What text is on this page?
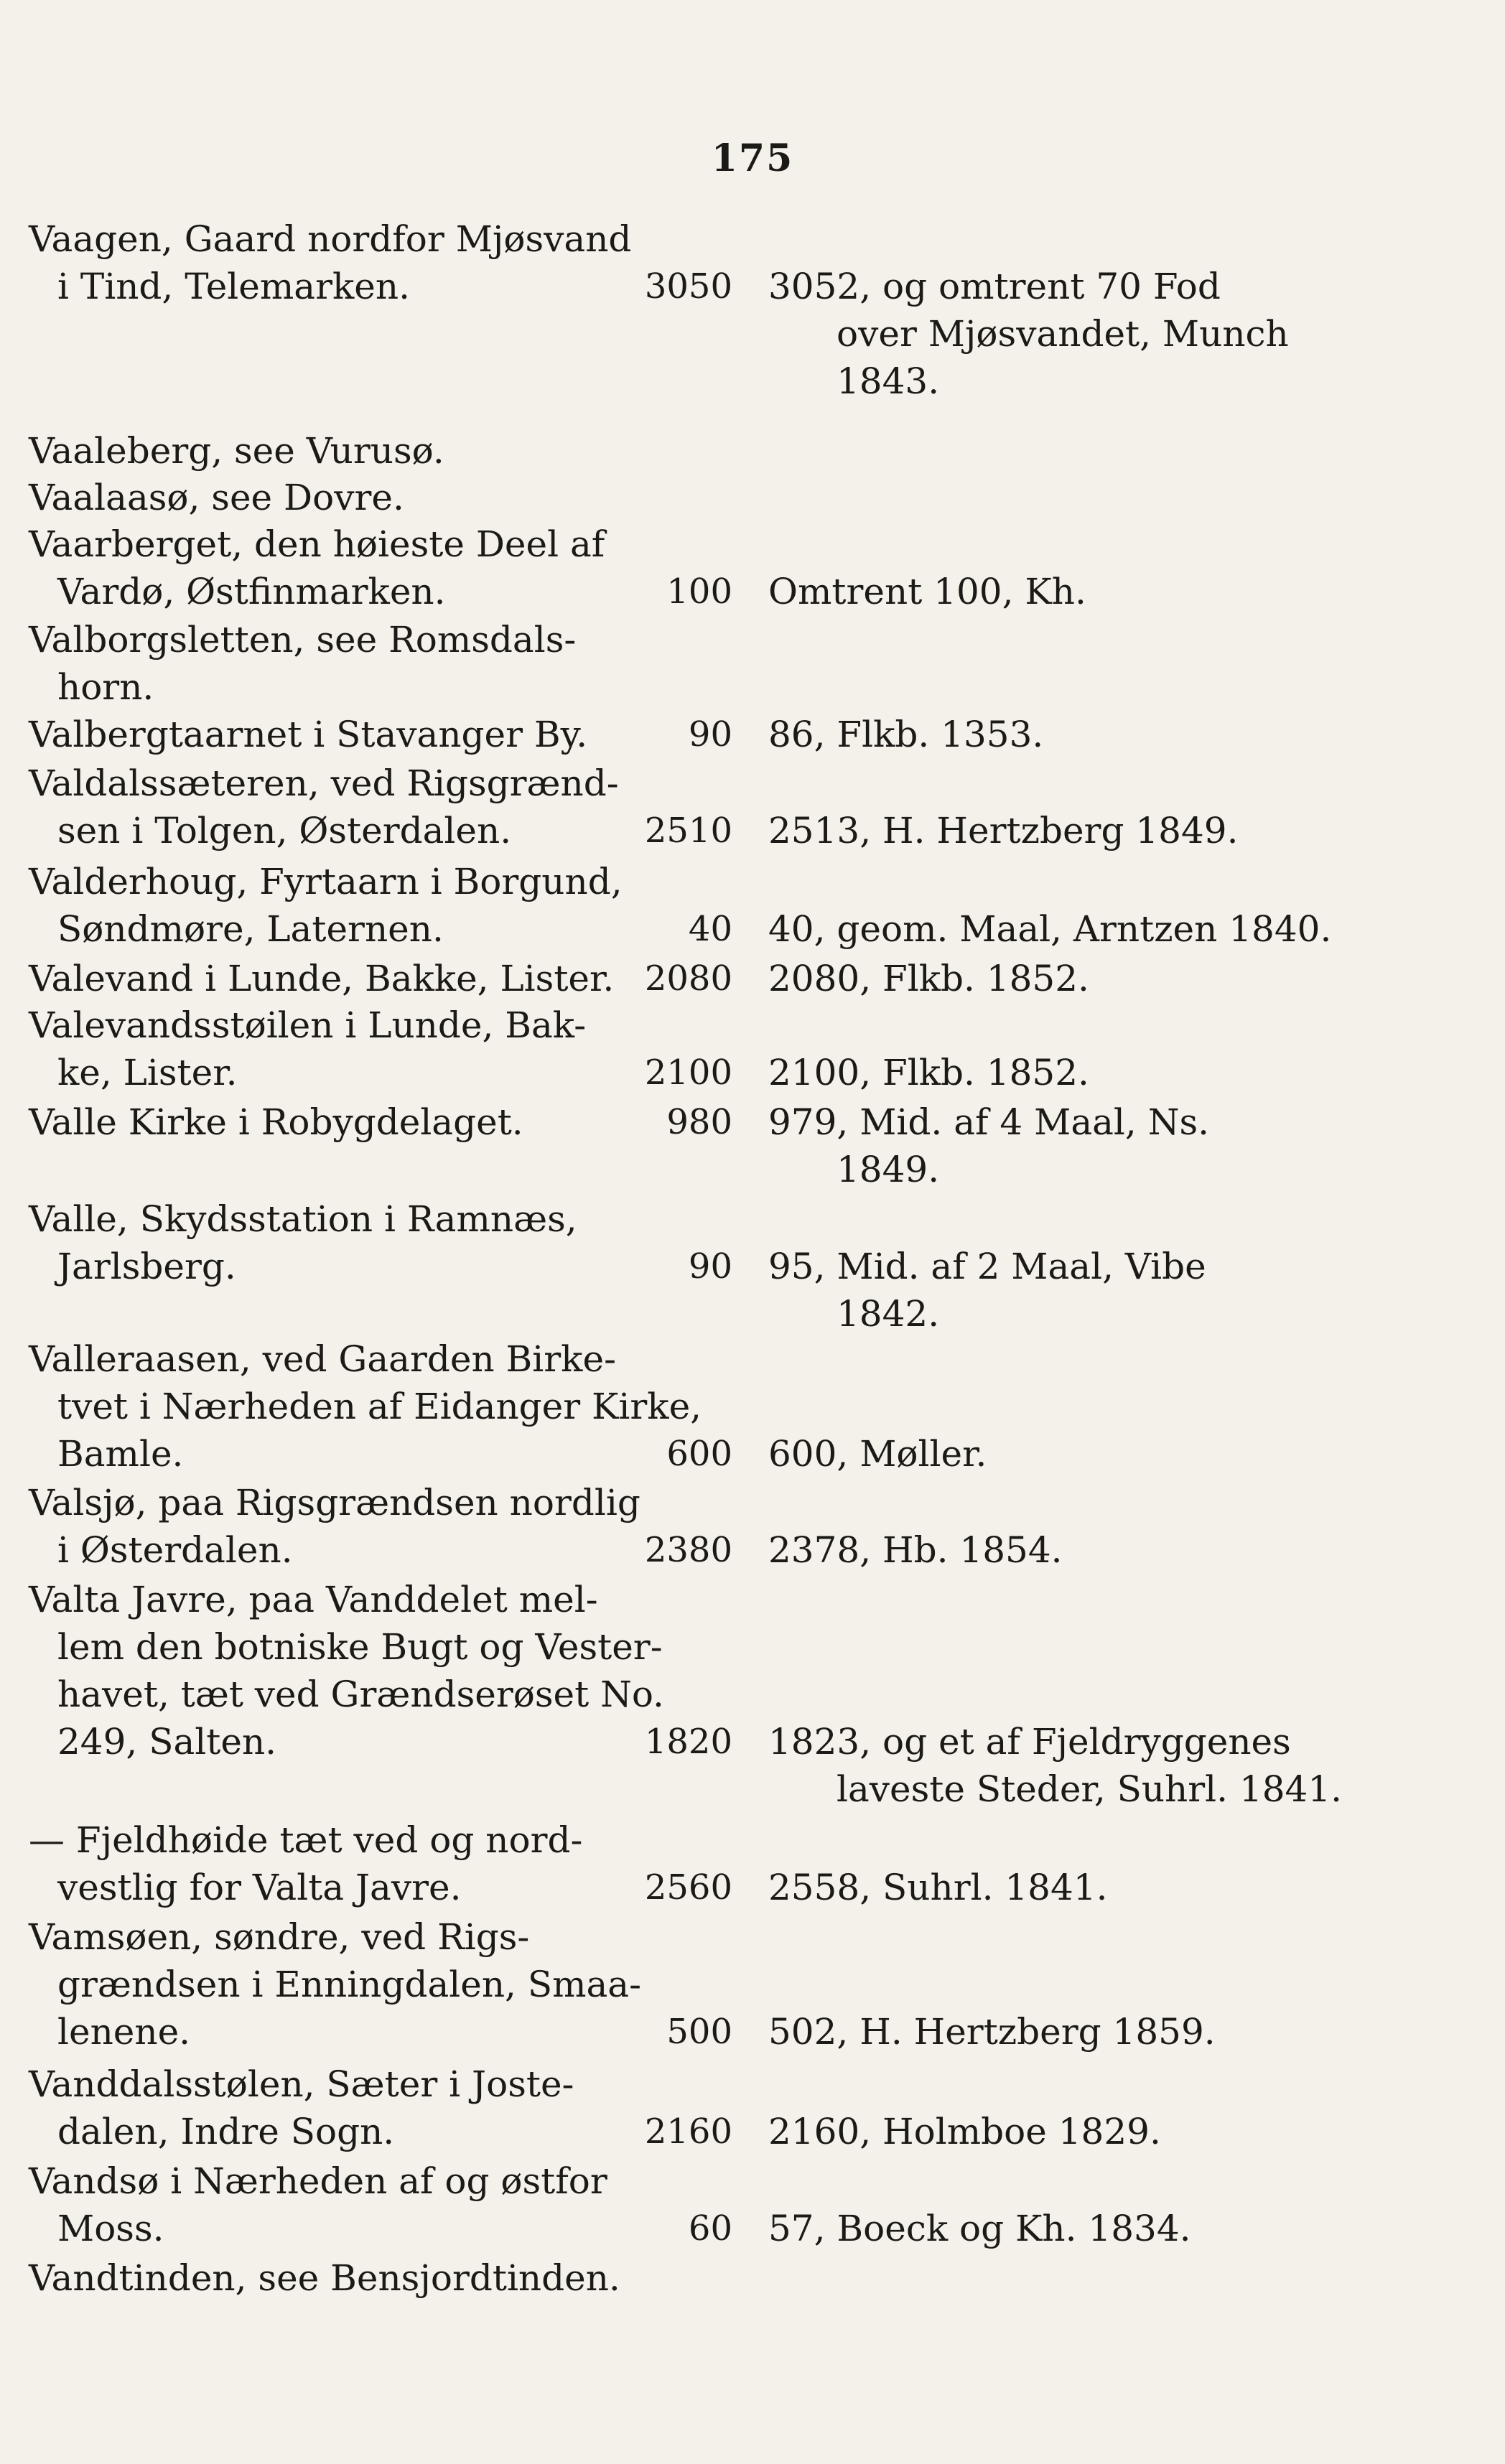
175
Vaagen, Gaard nordfor Mjøsvand
i Tind, Telemarken.	3050 3052, og omtrent 70 Fod
over Mjøsvandet, Munch
1843.
Vaaleberg, see Vurusø.
Vaalaasø, see Dovre.
Vaarberget, den høieste Deel af
Vardø, Østfinmarken.	100 Omtrent 100, Kh.
Valborgsletten, see Romsdals-
horn.
Valbergtaarnet i Stavanger By.	90 86, Flkb. 1353.
Valdalssæteren, ved Rigsgrænd-
sen i Tolgen, Østerdalen.	2510 2513, H. Hertzberg 1849.
Valderhoug, Fyrtaarn i Borgund,
Søndmøre, Laternen.	40 40, geom. Maal, Arntzen 1840.
Valevand i Lunde, Bakke, Lister. 2080 2080, Flkb. 1852.
Valevandsstøilen i Lunde, Bak-
ke, Lister.	2100 2100, Flkb. 1852.
Valle Kirke i Robygdelaget.	980 979, Mid. af 4 Maal, Ns.
1849.
Valle, Skydsstation i Ramnæs,
Jarlsberg.	90 95, Mid. af 2 Maal, Vibe
1842.
Valleraasen, ved Gaarden Birke-
tvet i Nærheden af Eidanger Kirke,
Bamle.	600 600, Møller.
Valsjø, paa Rigsgrændsen nordlig
i Østerdalen.	2380 2378, Hb. 1854.
Valta Javre, paa Vanddelet mel-
lem den botniske Bugt og Vester-
havet, tæt ved Grændserøset No.
249, Salten.	1820 1823, og et af Fjeldryggenes
laveste Steder, Suhrl. 1841.
— Fjeldhøide tæt ved og nord-
vestlig for Valta Javre.	2560 2558, Suhrl. 1841.
Vamsøen, søndre, ved Rigs-
grændsen i Enningdalen, Smaa-
lenene.	500 502, H. Hertzberg 1859.
Vanddalsstølen, Sæter i Joste-
dalen, Indre Sogn.	2160 2160, Holmboe 1829.
Vandsø i Nærheden af og østfor
Moss.	60 57, Boeck og Kh. 1834.
Vandtinden, see Bensjordtinden.
